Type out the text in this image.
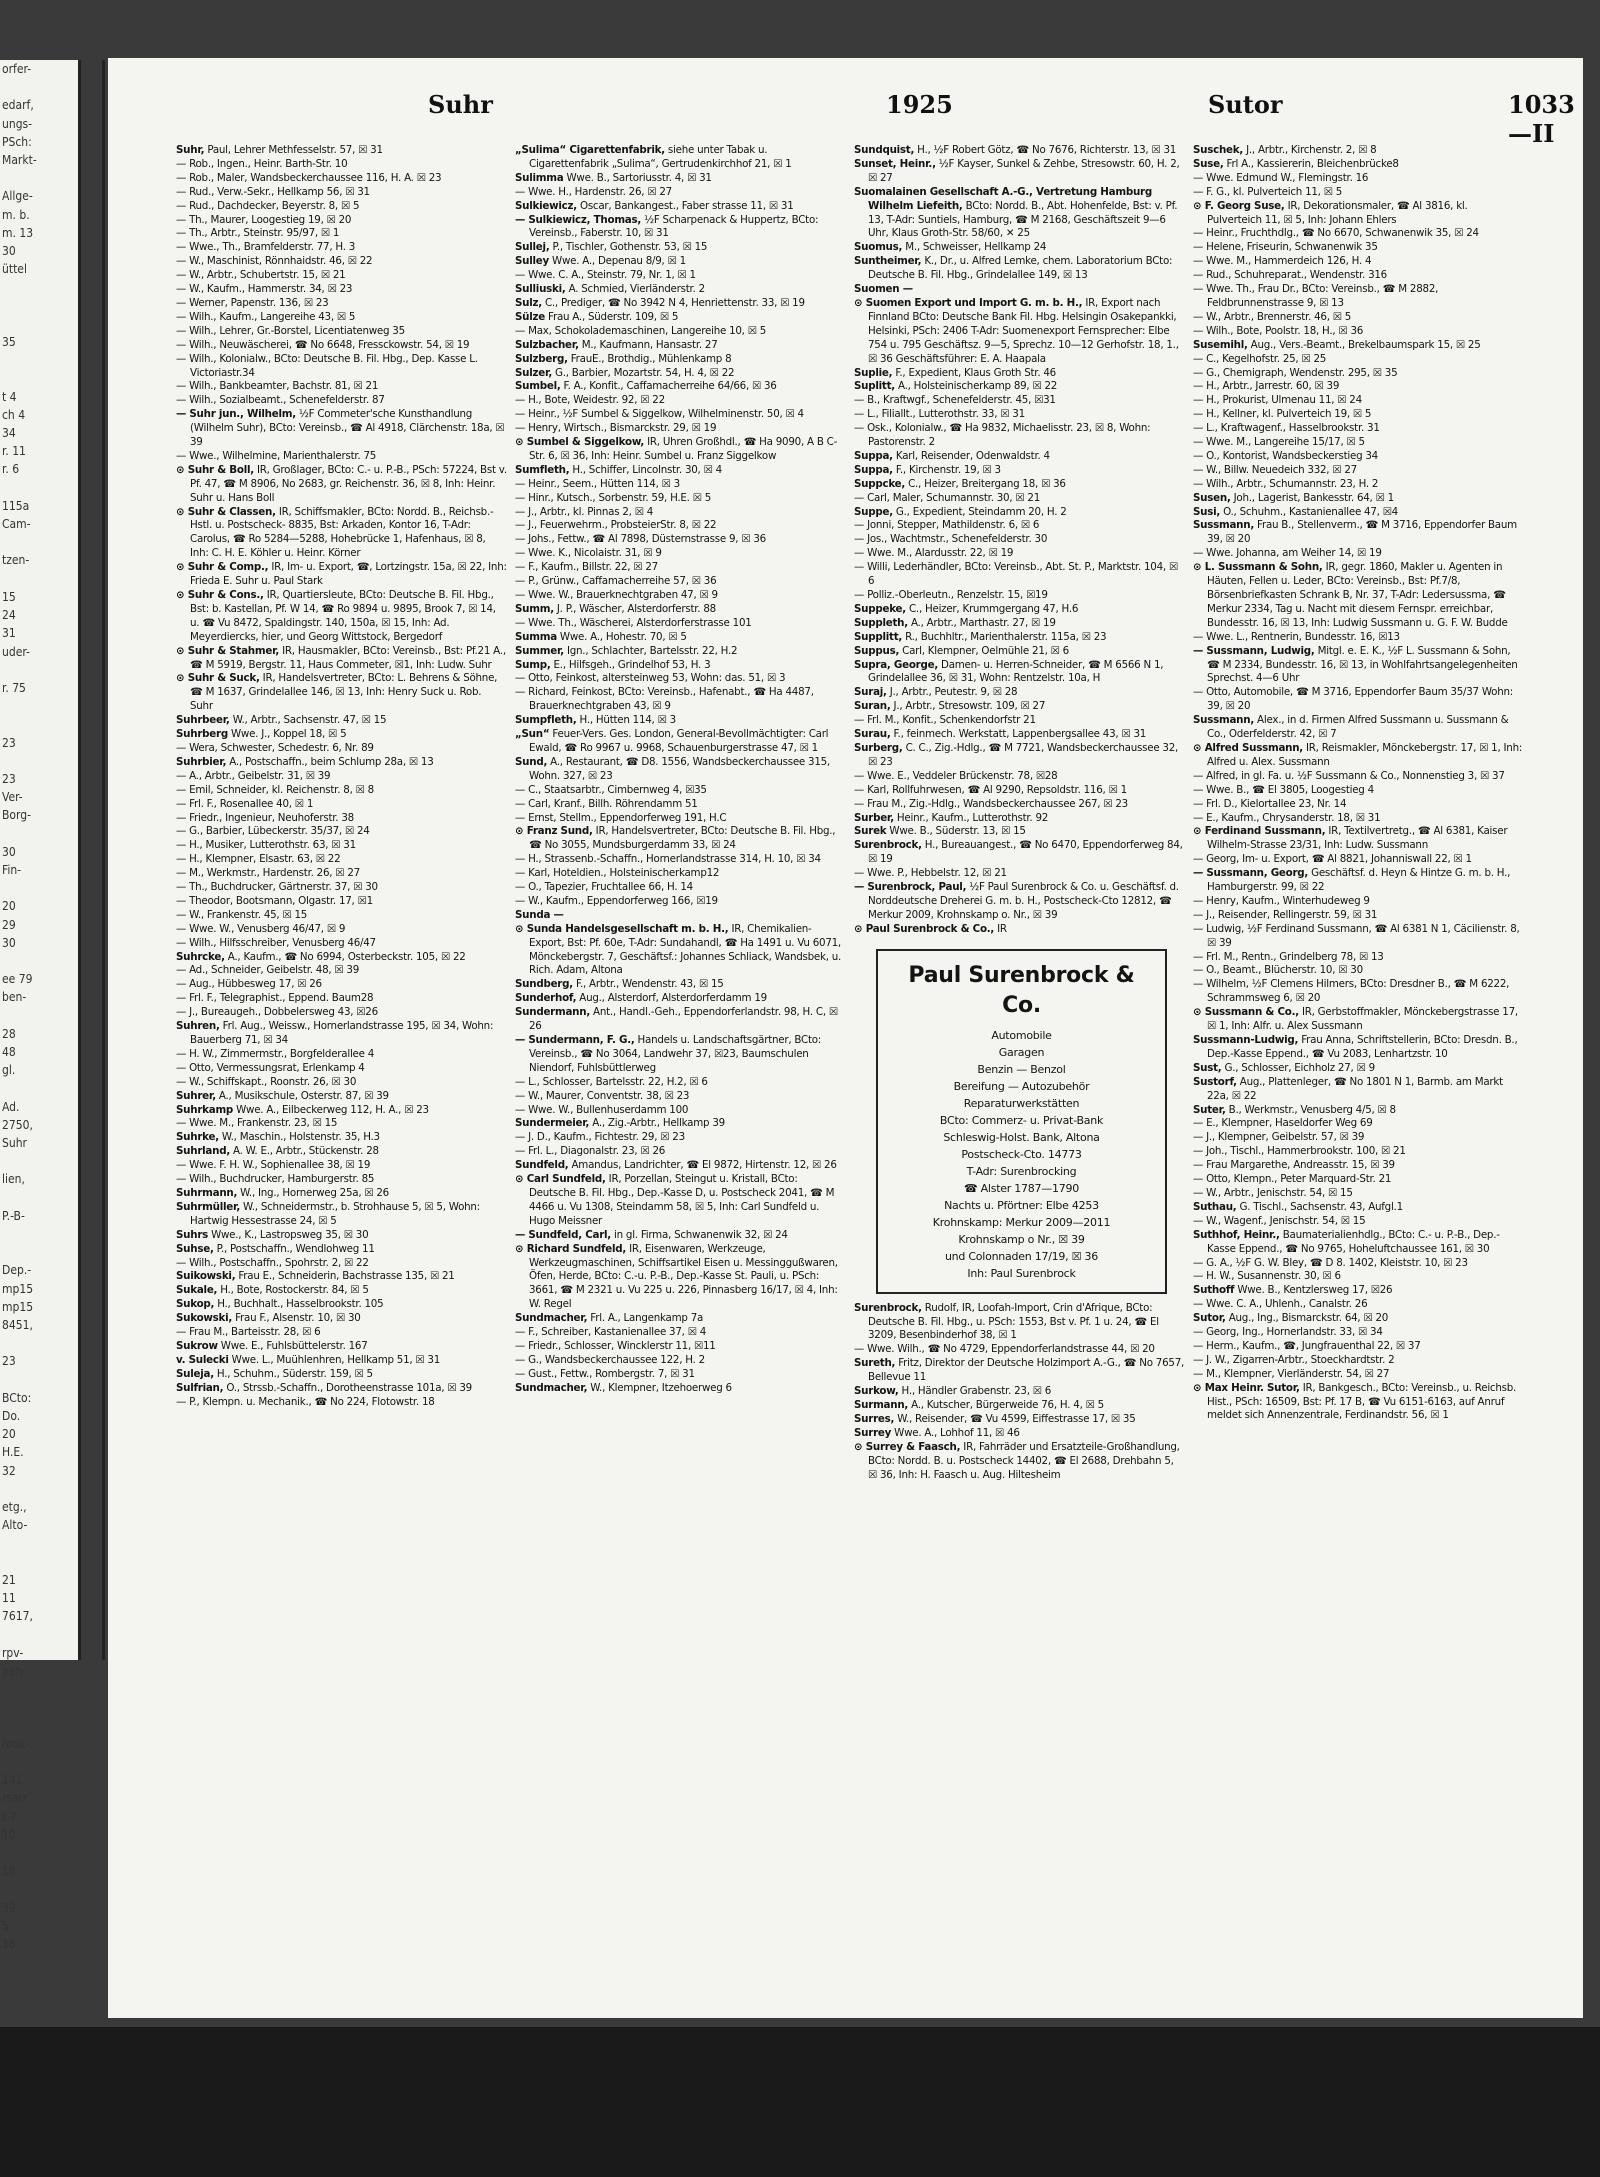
orfer-

edarf,
ungs-
PSch:
Markt-

Allge-
m. b.
m. 13
30
üttel

35

t 4
ch 4
34
r. 11
r. 6

115a
Cam-

tzen-

15
24
31
uder-

r. 75

23

23
Ver-
Borg-

30
Fin-

20
29
30

ee 79
ben-

28
48
gl.

Ad.
2750,
Suhr

lien,

P.-B-

Dep.-
mp15
mp15
8451,

23

BCto:
Do.
20
H.E.
32

etg.,
Alto-

21
11
7617,

rpv-
pen-

rook-

141
rsatr
t.7
10

18

39
5
18
Suhr	1925	Sutor	1033—II

Suhr, Paul, Lehrer Methfesselstr. 57, ☒ 31

— Rob., Ingen., Heinr. Barth-Str. 10

— Rob., Maler, Wandsbeckerchaussee 116, H. A. ☒ 23

— Rud., Verw.-Sekr., Hellkamp 56, ☒ 31

— Rud., Dachdecker, Beyerstr. 8, ☒ 5

— Th., Maurer, Loogestieg 19, ☒ 20

— Th., Arbtr., Steinstr. 95/97, ☒ 1

— Wwe., Th., Bramfelderstr. 77, H. 3

— W., Maschinist, Rönnhaidstr. 46, ☒ 22

— W., Arbtr., Schubertstr. 15, ☒ 21

— W., Kaufm., Hammerstr. 34, ☒ 23

— Werner, Papenstr. 136, ☒ 23

— Wilh., Kaufm., Langereihe 43, ☒ 5

— Wilh., Lehrer, Gr.-Borstel, Licentiatenweg 35

— Wilh., Neuwäscherei, ☎ No 6648, Fressckowstr. 54, ☒ 19

— Wilh., Kolonialw., BCto: Deutsche B. Fil. Hbg., Dep. Kasse L. Victoriastr.34

— Wilh., Bankbeamter, Bachstr. 81, ☒ 21

— Wilh., Sozialbeamt., Schenefelderstr. 87

— Suhr jun., Wilhelm, ½F Commeter'sche Kunsthandlung (Wilhelm Suhr), BCto: Vereinsb., ☎ Al 4918, Clärchenstr. 18a, ☒ 39

— Wwe., Wilhelmine, Marienthalerstr. 75

⊙ Suhr & Boll, IR, Großlager, BCto: C.- u. P.-B., PSch: 57224, Bst v. Pf. 47, ☎ M 8906, No 2683, gr. Reichenstr. 36, ☒ 8, Inh: Heinr. Suhr u. Hans Boll

⊙ Suhr & Classen, IR, Schiffsmakler, BCto: Nordd. B., Reichsb.-Hstl. u. Postscheck- 8835, Bst: Arkaden, Kontor 16, T-Adr: Carolus, ☎ Ro 5284—5288, Hohebrücke 1, Hafenhaus, ☒ 8, Inh: C. H. E. Köhler u. Heinr. Körner

⊙ Suhr & Comp., IR, Im- u. Export, ☎, Lortzingstr. 15a, ☒ 22, Inh: Frieda E. Suhr u. Paul Stark

⊙ Suhr & Cons., IR, Quartiersleute, BCto: Deutsche B. Fil. Hbg., Bst: b. Kastellan, Pf. W 14, ☎ Ro 9894 u. 9895, Brook 7, ☒ 14, u. ☎ Vu 8472, Spaldingstr. 140, 150a, ☒ 15, Inh: Ad. Meyerdiercks, hier, und Georg Wittstock, Bergedorf

⊙ Suhr & Stahmer, IR, Hausmakler, BCto: Vereinsb., Bst: Pf.21 A., ☎ M 5919, Bergstr. 11, Haus Commeter, ☒1, Inh: Ludw. Suhr

⊙ Suhr & Suck, IR, Handelsvertreter, BCto: L. Behrens & Söhne, ☎ M 1637, Grindelallee 146, ☒ 13, Inh: Henry Suck u. Rob. Suhr

Suhrbeer, W., Arbtr., Sachsenstr. 47, ☒ 15

Suhrberg Wwe. J., Koppel 18, ☒ 5

— Wera, Schwester, Schedestr. 6, Nr. 89

Suhrbier, A., Postschaffn., beim Schlump 28a, ☒ 13

— A., Arbtr., Geibelstr. 31, ☒ 39

— Emil, Schneider, kl. Reichenstr. 8, ☒ 8

— Frl. F., Rosenallee 40, ☒ 1

— Friedr., Ingenieur, Neuhoferstr. 38

— G., Barbier, Lübeckerstr. 35/37, ☒ 24

— H., Musiker, Lutterothstr. 63, ☒ 31

— H., Klempner, Elsastr. 63, ☒ 22

— M., Werkmstr., Hardenstr. 26, ☒ 27

— Th., Buchdrucker, Gärtnerstr. 37, ☒ 30

— Theodor, Bootsmann, Olgastr. 17, ☒1

— W., Frankenstr. 45, ☒ 15

— Wwe. W., Venusberg 46/47, ☒ 9

— Wilh., Hilfsschreiber, Venusberg 46/47

Suhrcke, A., Kaufm., ☎ No 6994, Osterbeckstr. 105, ☒ 22

— Ad., Schneider, Geibelstr. 48, ☒ 39

— Aug., Hübbesweg 17, ☒ 26

— Frl. F., Telegraphist., Eppend. Baum28

— J., Bureaugeh., Dobbelersweg 43, ☒26

Suhren, Frl. Aug., Weissw., Hornerlandstrasse 195, ☒ 34, Wohn: Bauerberg 71, ☒ 34

— H. W., Zimmermstr., Borgfelderallee 4

— Otto, Vermessungsrat, Erlenkamp 4

— W., Schiffskapt., Roonstr. 26, ☒ 30

Suhrer, A., Musikschule, Osterstr. 87, ☒ 39

Suhrkamp Wwe. A., Eilbeckerweg 112, H. A., ☒ 23

— Wwe. M., Frankenstr. 23, ☒ 15

Suhrke, W., Maschin., Holstenstr. 35, H.3

Suhrland, A. W. E., Arbtr., Stückenstr. 28

— Wwe. F. H. W., Sophienallee 38, ☒ 19

— Wilh., Buchdrucker, Hamburgerstr. 85

Suhrmann, W., Ing., Hornerweg 25a, ☒ 26

Suhrmüller, W., Schneidermstr., b. Strohhause 5, ☒ 5, Wohn: Hartwig Hessestrasse 24, ☒ 5

Suhrs Wwe., K., Lastropsweg 35, ☒ 30

Suhse, P., Postschaffn., Wendlohweg 11

— Wilh., Postschaffn., Spohrstr. 2, ☒ 22

Suikowski, Frau E., Schneiderin, Bachstrasse 135, ☒ 21

Sukale, H., Bote, Rostockerstr. 84, ☒ 5

Sukop, H., Buchhalt., Hasselbrookstr. 105

Sukowski, Frau F., Alsenstr. 10, ☒ 30

— Frau M., Barteisstr. 28, ☒ 6

Sukrow Wwe. E., Fuhlsbüttelerstr. 167

v. Sulecki Wwe. L., Muühlenhren, Hellkamp 51, ☒ 31

Suleja, H., Schuhm., Süderstr. 159, ☒ 5

Sulfrian, O., Strssb.-Schaffn., Dorotheenstrasse 101a, ☒ 39

— P., Klempn. u. Mechanik., ☎ No 224, Flotowstr. 18

„Sulima“ Cigarettenfabrik, siehe unter Tabak u. Cigarettenfabrik „Sulima“, Gertrudenkirchhof 21, ☒ 1

Sulimma Wwe. B., Sartoriusstr. 4, ☒ 31

— Wwe. H., Hardenstr. 26, ☒ 27

Sulkiewicz, Oscar, Bankangest., Faber strasse 11, ☒ 31

— Sulkiewicz, Thomas, ½F Scharpenack & Huppertz, BCto: Vereinsb., Faberstr. 10, ☒ 31

Sullej, P., Tischler, Gothenstr. 53, ☒ 15

Sulley Wwe. A., Depenau 8/9, ☒ 1

— Wwe. C. A., Steinstr. 79, Nr. 1, ☒ 1

Sulliuski, A. Schmied, Vierländerstr. 2

Sulz, C., Prediger, ☎ No 3942 N 4, Henriettenstr. 33, ☒ 19

Sülze Frau A., Süderstr. 109, ☒ 5

— Max, Schokolademaschinen, Langereihe 10, ☒ 5

Sulzbacher, M., Kaufmann, Hansastr. 27

Sulzberg, FrauE., Brothdig., Mühlenkamp 8

Sulzer, G., Barbier, Mozartstr. 54, H. 4, ☒ 22

Sumbel, F. A., Konfit., Caffamacherreihe 64/66, ☒ 36

— H., Bote, Weidestr. 92, ☒ 22

— Heinr., ½F Sumbel & Siggelkow, Wilhelminenstr. 50, ☒ 4

— Henry, Wirtsch., Bismarckstr. 29, ☒ 19

⊙ Sumbel & Siggelkow, IR, Uhren Großhdl., ☎ Ha 9090, A B C-Str. 6, ☒ 36, Inh: Heinr. Sumbel u. Franz Siggelkow

Sumfleth, H., Schiffer, Lincolnstr. 30, ☒ 4

— Heinr., Seem., Hütten 114, ☒ 3

— Hinr., Kutsch., Sorbenstr. 59, H.E. ☒ 5

— J., Arbtr., kl. Pinnas 2, ☒ 4

— J., Feuerwehrm., ProbsteierStr. 8, ☒ 22

— Johs., Fettw., ☎ Al 7898, Düsternstrasse 9, ☒ 36

— Wwe. K., Nicolaistr. 31, ☒ 9

— F., Kaufm., Billstr. 22, ☒ 27

— P., Grünw., Caffamacherreihe 57, ☒ 36

— Wwe. W., Brauerknechtgraben 47, ☒ 9

Summ, J. P., Wäscher, Alsterdorferstr. 88

— Wwe. Th., Wäscherei, Alsterdorferstrasse 101

Summa Wwe. A., Hohestr. 70, ☒ 5

Summer, Ign., Schlachter, Bartelsstr. 22, H.2

Sump, E., Hilfsgeh., Grindelhof 53, H. 3

— Otto, Feinkost, altersteinweg 53, Wohn: das. 51, ☒ 3

— Richard, Feinkost, BCto: Vereinsb., Hafenabt., ☎ Ha 4487, Brauerknechtgraben 43, ☒ 9

Sumpfleth, H., Hütten 114, ☒ 3

„Sun“ Feuer-Vers. Ges. London, General-Bevollmächtigter: Carl Ewald, ☎ Ro 9967 u. 9968, Schauenburgerstrasse 47, ☒ 1

Sund, A., Restaurant, ☎ D8. 1556, Wandsbeckerchaussee 315, Wohn. 327, ☒ 23

— C., Staatsarbtr., Cimbernweg 4, ☒35

— Carl, Kranf., Billh. Röhrendamm 51

— Ernst, Stellm., Eppendorferweg 191, H.C

⊙ Franz Sund, IR, Handelsvertreter, BCto: Deutsche B. Fil. Hbg., ☎ No 3055, Mundsburgerdamm 33, ☒ 24

— H., Strassenb.-Schaffn., Hornerlandstrasse 314, H. 10, ☒ 34

— Karl, Hoteldien., Holsteinischerkamp12

— O., Tapezier, Fruchtallee 66, H. 14

— W., Kaufm., Eppendorferweg 166, ☒19

Sunda —

⊙ Sunda Handelsgesellschaft m. b. H., IR, Chemikalien-Export, Bst: Pf. 60e, T-Adr: Sundahandl, ☎ Ha 1491 u. Vu 6071, Mönckebergstr. 7, Geschäftsf.: Johannes Schliack, Wandsbek, u. Rich. Adam, Altona

Sundberg, F., Arbtr., Wendenstr. 43, ☒ 15

Sunderhof, Aug., Alsterdorf, Alsterdorferdamm 19

Sundermann, Ant., Handl.-Geh., Eppendorferlandstr. 98, H. C, ☒ 26

— Sundermann, F. G., Handels u. Landschaftsgärtner, BCto: Vereinsb., ☎ No 3064, Landwehr 37, ☒23, Baumschulen Niendorf, Fuhlsbüttlerweg

— L., Schlosser, Bartelsstr. 22, H.2, ☒ 6

— W., Maurer, Conventstr. 38, ☒ 23

— Wwe. W., Bullenhuserdamm 100

Sundermeier, A., Zig.-Arbtr., Hellkamp 39

— J. D., Kaufm., Fichtestr. 29, ☒ 23

— Frl. L., Diagonalstr. 23, ☒ 26

Sundfeld, Amandus, Landrichter, ☎ El 9872, Hirtenstr. 12, ☒ 26

⊙ Carl Sundfeld, IR, Porzellan, Steingut u. Kristall, BCto: Deutsche B. Fil. Hbg., Dep.-Kasse D, u. Postscheck 2041, ☎ M 4466 u. Vu 1308, Steindamm 58, ☒ 5, Inh: Carl Sundfeld u. Hugo Meissner

— Sundfeld, Carl, in gl. Firma, Schwanenwik 32, ☒ 24

⊙ Richard Sundfeld, IR, Eisenwaren, Werkzeuge, Werkzeugmaschinen, Schiffsartikel Eisen u. Messinggußwaren, Öfen, Herde, BCto: C.-u. P.-B., Dep.-Kasse St. Pauli, u. PSch: 3661, ☎ M 2321 u. Vu 225 u. 226, Pinnasberg 16/17, ☒ 4, Inh: W. Regel

Sundmacher, Frl. A., Langenkamp 7a

— F., Schreiber, Kastanienallee 37, ☒ 4

— Friedr., Schlosser, Wincklerstr 11, ☒11

— G., Wandsbeckerchaussee 122, H. 2

— Gust., Fettw., Rombergstr. 7, ☒ 31

Sundmacher, W., Klempner, Itzehoerweg 6

Sundquist, H., ½F Robert Götz, ☎ No 7676, Richterstr. 13, ☒ 31

Sunset, Heinr., ½F Kayser, Sunkel & Zehbe, Stresowstr. 60, H. 2, ☒ 27

Suomalainen Gesellschaft A.-G., Vertretung Hamburg Wilhelm Liefeith, BCto: Nordd. B., Abt. Hohenfelde, Bst: v. Pf. 13, T-Adr: Suntiels, Hamburg, ☎ M 2168, Geschäftszeit 9—6 Uhr, Klaus Groth-Str. 58/60, ✕ 25

Suomus, M., Schweisser, Hellkamp 24

Suntheimer, K., Dr., u. Alfred Lemke, chem. Laboratorium BCto: Deutsche B. Fil. Hbg., Grindelallee 149, ☒ 13

Suomen —

⊙ Suomen Export und Import G. m. b. H., IR, Export nach Finnland BCto: Deutsche Bank Fil. Hbg. Helsingin Osakepankki, Helsinki, PSch: 2406 T-Adr: Suomenexport Fernsprecher: Elbe 754 u. 795 Geschäftsz. 9—5, Sprechz. 10—12 Gerhofstr. 18, 1., ☒ 36 Geschäftsführer: E. A. Haapala

Suplie, F., Expedient, Klaus Groth Str. 46

Suplitt, A., Holsteinischerkamp 89, ☒ 22

— B., Kraftwgf., Schenefelderstr. 45, ☒31

— L., Filiallt., Lutterothstr. 33, ☒ 31

— Osk., Kolonialw., ☎ Ha 9832, Michaelisstr. 23, ☒ 8, Wohn: Pastorenstr. 2

Suppa, Karl, Reisender, Odenwaldstr. 4

Suppa, F., Kirchenstr. 19, ☒ 3

Suppcke, C., Heizer, Breitergang 18, ☒ 36

— Carl, Maler, Schumannstr. 30, ☒ 21

Suppe, G., Expedient, Steindamm 20, H. 2

— Jonni, Stepper, Mathildenstr. 6, ☒ 6

— Jos., Wachtmstr., Schenefelderstr. 30

— Wwe. M., Alardusstr. 22, ☒ 19

— Willi, Lederhändler, BCto: Vereinsb., Abt. St. P., Marktstr. 104, ☒ 6

— Polliz.-Oberleutn., Renzelstr. 15, ☒19

Suppeke, C., Heizer, Krummgergang 47, H.6

Suppleth, A., Arbtr., Marthastr. 27, ☒ 19

Supplitt, R., Buchhltr., Marienthalerstr. 115a, ☒ 23

Suppus, Carl, Klempner, Oelmühle 21, ☒ 6

Supra, George, Damen- u. Herren-Schneider, ☎ M 6566 N 1, Grindelallee 36, ☒ 31, Wohn: Rentzelstr. 10a, H

Suraj, J., Arbtr., Peutestr. 9, ☒ 28

Suran, J., Arbtr., Stresowstr. 109, ☒ 27

— Frl. M., Konfit., Schenkendorfstr 21

Surau, F., feinmech. Werkstatt, Lappenbergsallee 43, ☒ 31

Surberg, C. C., Zig.-Hdlg., ☎ M 7721, Wandsbeckerchaussee 32, ☒ 23

— Wwe. E., Veddeler Brückenstr. 78, ☒28

— Karl, Rollfuhrwesen, ☎ Al 9290, Repsoldstr. 116, ☒ 1

— Frau M., Zig.-Hdlg., Wandsbeckerchaussee 267, ☒ 23

Surber, Heinr., Kaufm., Lutterothstr. 92

Surek Wwe. B., Süderstr. 13, ☒ 15

Surenbrock, H., Bureauangest., ☎ No 6470, Eppendorferweg 84, ☒ 19

— Wwe. P., Hebbelstr. 12, ☒ 21

— Surenbrock, Paul, ½F Paul Surenbrock & Co. u. Geschäftsf. d. Norddeutsche Dreherei G. m. b. H., Postscheck-Cto 12812, ☎ Merkur 2009, Krohnskamp o. Nr., ☒ 39

⊙ Paul Surenbrock & Co., IR

Paul Surenbrock & Co.
Automobile
Garagen
Benzin — Benzol
Bereifung — Autozubehör
Reparaturwerkstätten
BCto: Commerz- u. Privat-Bank
Schleswig-Holst. Bank, Altona
Postscheck-Cto. 14773
T-Adr: Surenbrocking
☎ Alster 1787—1790
Nachts u. Pförtner: Elbe 4253
Krohnskamp: Merkur 2009—2011
Krohnskamp o Nr., ☒ 39
und Colonnaden 17/19, ☒ 36
Inh: Paul Surenbrock

Surenbrock, Rudolf, IR, Loofah-Import, Crin d'Afrique, BCto: Deutsche B. Fil. Hbg., u. PSch: 1553, Bst v. Pf. 1 u. 24, ☎ El 3209, Besenbinderhof 38, ☒ 1

— Wwe. Wilh., ☎ No 4729, Eppendorferlandstrasse 44, ☒ 20

Sureth, Fritz, Direktor der Deutsche Holzimport A.-G., ☎ No 7657, Bellevue 11

Surkow, H., Händler Grabenstr. 23, ☒ 6

Surmann, A., Kutscher, Bürgerweide 76, H. 4, ☒ 5

Surres, W., Reisender, ☎ Vu 4599, Eiffestrasse 17, ☒ 35

Surrey Wwe. A., Lohhof 11, ☒ 46

⊙ Surrey & Faasch, IR, Fahrräder und Ersatzteile-Großhandlung, BCto: Nordd. B. u. Postscheck 14402, ☎ El 2688, Drehbahn 5, ☒ 36, Inh: H. Faasch u. Aug. Hiltesheim

Suschek, J., Arbtr., Kirchenstr. 2, ☒ 8

Suse, Frl A., Kassiererin, Bleichenbrücke8

— Wwe. Edmund W., Flemingstr. 16

— F. G., kl. Pulverteich 11, ☒ 5

⊙ F. Georg Suse, IR, Dekorationsmaler, ☎ Al 3816, kl. Pulverteich 11, ☒ 5, Inh: Johann Ehlers

— Heinr., Fruchthdlg., ☎ No 6670, Schwanenwik 35, ☒ 24

— Helene, Friseurin, Schwanenwik 35

— Wwe. M., Hammerdeich 126, H. 4

— Rud., Schuhreparat., Wendenstr. 316

— Wwe. Th., Frau Dr., BCto: Vereinsb., ☎ M 2882, Feldbrunnenstrasse 9, ☒ 13

— W., Arbtr., Brennerstr. 46, ☒ 5

— Wilh., Bote, Poolstr. 18, H., ☒ 36

Susemihl, Aug., Vers.-Beamt., Brekelbaumspark 15, ☒ 25

— C., Kegelhofstr. 25, ☒ 25

— G., Chemigraph, Wendenstr. 295, ☒ 35

— H., Arbtr., Jarrestr. 60, ☒ 39

— H., Prokurist, Ulmenau 11, ☒ 24

— H., Kellner, kl. Pulverteich 19, ☒ 5

— L., Kraftwagenf., Hasselbrookstr. 31

— Wwe. M., Langereihe 15/17, ☒ 5

— O., Kontorist, Wandsbeckerstieg 34

— W., Billw. Neuedeich 332, ☒ 27

— Wilh., Arbtr., Schumannstr. 23, H. 2

Susen, Joh., Lagerist, Bankesstr. 64, ☒ 1

Susi, O., Schuhm., Kastanienallee 47, ☒4

Sussmann, Frau B., Stellenverm., ☎ M 3716, Eppendorfer Baum 39, ☒ 20

— Wwe. Johanna, am Weiher 14, ☒ 19

⊙ L. Sussmann & Sohn, IR, gegr. 1860, Makler u. Agenten in Häuten, Fellen u. Leder, BCto: Vereinsb., Bst: Pf.7/8, Börsenbriefkasten Schrank B, Nr. 37, T-Adr: Ledersussma, ☎ Merkur 2334, Tag u. Nacht mit diesem Fernspr. erreichbar, Bundesstr. 16, ☒ 13, Inh: Ludwig Sussmann u. G. F. W. Budde

— Wwe. L., Rentnerin, Bundesstr. 16, ☒13

— Sussmann, Ludwig, Mitgl. e. E. K., ½F L. Sussmann & Sohn, ☎ M 2334, Bundesstr. 16, ☒ 13, in Wohlfahrtsangelegenheiten Sprechst. 4—6 Uhr

— Otto, Automobile, ☎ M 3716, Eppendorfer Baum 35/37 Wohn: 39, ☒ 20

Sussmann, Alex., in d. Firmen Alfred Sussmann u. Sussmann & Co., Oderfelderstr. 42, ☒ 7

⊙ Alfred Sussmann, IR, Reismakler, Mönckebergstr. 17, ☒ 1, Inh: Alfred u. Alex. Sussmann

— Alfred, in gl. Fa. u. ½F Sussmann & Co., Nonnenstieg 3, ☒ 37

— Wwe. B., ☎ El 3805, Loogestieg 4

— Frl. D., Kielortallee 23, Nr. 14

— E., Kaufm., Chrysanderstr. 18, ☒ 31

⊙ Ferdinand Sussmann, IR, Textilvertretg., ☎ Al 6381, Kaiser Wilhelm-Strasse 23/31, Inh: Ludw. Sussmann

— Georg, Im- u. Export, ☎ Al 8821, Johanniswall 22, ☒ 1

— Sussmann, Georg, Geschäftsf. d. Heyn & Hintze G. m. b. H., Hamburgerstr. 99, ☒ 22

— Henry, Kaufm., Winterhudeweg 9

— J., Reisender, Rellingerstr. 59, ☒ 31

— Ludwig, ½F Ferdinand Sussmann, ☎ Al 6381 N 1, Cäcilienstr. 8, ☒ 39

— Frl. M., Rentn., Grindelberg 78, ☒ 13

— O., Beamt., Blücherstr. 10, ☒ 30

— Wilhelm, ½F Clemens Hilmers, BCto: Dresdner B., ☎ M 6222, Schrammsweg 6, ☒ 20

⊙ Sussmann & Co., IR, Gerbstoffmakler, Mönckebergstrasse 17, ☒ 1, Inh: Alfr. u. Alex Sussmann

Sussmann-Ludwig, Frau Anna, Schriftstellerin, BCto: Dresdn. B., Dep.-Kasse Eppend., ☎ Vu 2083, Lenhartzstr. 10

Sust, G., Schlosser, Eichholz 27, ☒ 9

Sustorf, Aug., Plattenleger, ☎ No 1801 N 1, Barmb. am Markt 22a, ☒ 22

Suter, B., Werkmstr., Venusberg 4/5, ☒ 8

— E., Klempner, Haseldorfer Weg 69

— J., Klempner, Geibelstr. 57, ☒ 39

— Joh., Tischl., Hammerbrookstr. 100, ☒ 21

— Frau Margarethe, Andreasstr. 15, ☒ 39

— Otto, Klempn., Peter Marquard-Str. 21

— W., Arbtr., Jenischstr. 54, ☒ 15

Suthau, G. Tischl., Sachsenstr. 43, Aufgl.1

— W., Wagenf., Jenischstr. 54, ☒ 15

Suthhof, Heinr., Baumaterialienhdlg., BCto: C.- u. P.-B., Dep.-Kasse Eppend., ☎ No 9765, Hoheluftchaussee 161, ☒ 30

— G. A., ½F G. W. Bley, ☎ D 8. 1402, Kleiststr. 10, ☒ 23

— H. W., Susannenstr. 30, ☒ 6

Suthoff Wwe. B., Kentzlersweg 17, ☒26

— Wwe. C. A., Uhlenh., Canalstr. 26

Sutor, Aug., Ing., Bismarckstr. 64, ☒ 20

— Georg, Ing., Hornerlandstr. 33, ☒ 34

— Herm., Kaufm., ☎, Jungfrauenthal 22, ☒ 37

— J. W., Zigarren-Arbtr., Stoeckhardtstr. 2

— M., Klempner, Vierländerstr. 54, ☒ 27

⊙ Max Heinr. Sutor, IR, Bankgesch., BCto: Vereinsb., u. Reichsb. Hist., PSch: 16509, Bst: Pf. 17 B, ☎ Vu 6151-6163, auf Anruf meldet sich Annenzentrale, Ferdinandstr. 56, ☒ 1
